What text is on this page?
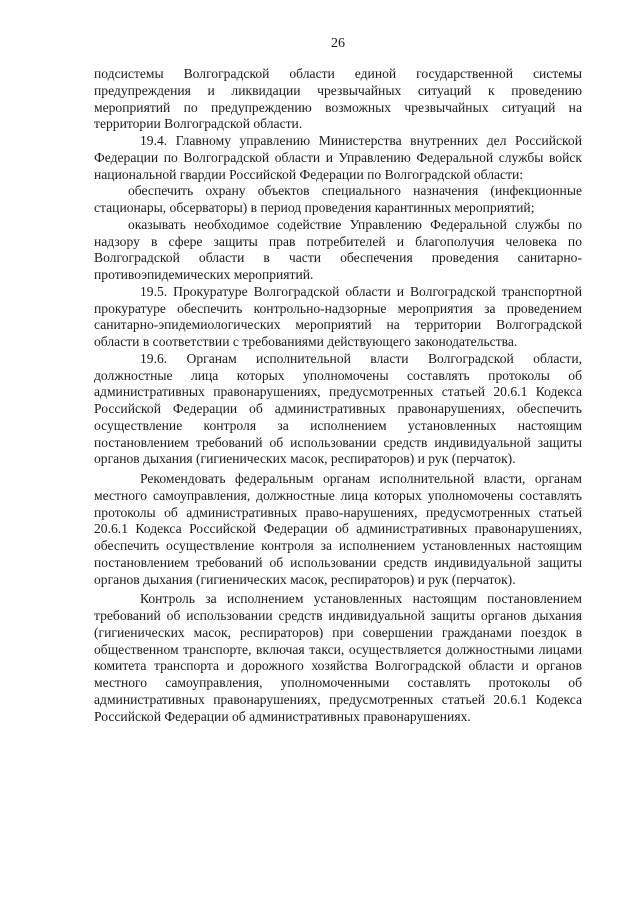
26

подсистемы Волгоградской области единой государственной системы предупреждения и ликвидации чрезвычайных ситуаций к проведению мероприятий по предупреждению возможных чрезвычайных ситуаций на территории Волгоградской области.

19.4. Главному управлению Министерства внутренних дел Российской Федерации по Волгоградской области и Управлению Федеральной службы войск национальной гвардии Российской Федерации по Волгоградской области:

обеспечить охрану объектов специального назначения (инфекционные стационары, обсерваторы) в период проведения карантинных мероприятий;

оказывать необходимое содействие Управлению Федеральной службы по надзору в сфере защиты прав потребителей и благополучия человека по Волгоградской области в части обеспечения проведения санитарно-противоэпидемических мероприятий.

19.5. Прокуратуре Волгоградской области и Волгоградской транспортной прокуратуре обеспечить контрольно-надзорные мероприятия за проведением санитарно-эпидемиологических мероприятий на территории Волгоградской области в соответствии с требованиями действующего законодательства.

19.6. Органам исполнительной власти Волгоградской области, должностные лица которых уполномочены составлять протоколы об административных правонарушениях, предусмотренных статьей 20.6.1 Кодекса Российской Федерации об административных правонарушениях, обеспечить осуществление контроля за исполнением установленных настоящим постановлением требований об использовании средств индивидуальной защиты органов дыхания (гигиенических масок, респираторов) и рук (перчаток).

Рекомендовать федеральным органам исполнительной власти, органам местного самоуправления, должностные лица которых уполномочены составлять протоколы об административных право-нарушениях, предусмотренных статьей 20.6.1 Кодекса Российской Федерации об административных правонарушениях, обеспечить осуществление контроля за исполнением установленных настоящим постановлением требований об использовании средств индивидуальной защиты органов дыхания (гигиенических масок, респираторов) и рук (перчаток).

Контроль за исполнением установленных настоящим постановлением требований об использовании средств индивидуальной защиты органов дыхания (гигиенических масок, респираторов) при совершении гражданами поездок в общественном транспорте, включая такси, осуществляется должностными лицами комитета транспорта и дорожного хозяйства Волгоградской области и органов местного самоуправления, уполномоченными составлять протоколы об административных правонарушениях, предусмотренных статьей 20.6.1 Кодекса Российской Федерации об административных правонарушениях.
